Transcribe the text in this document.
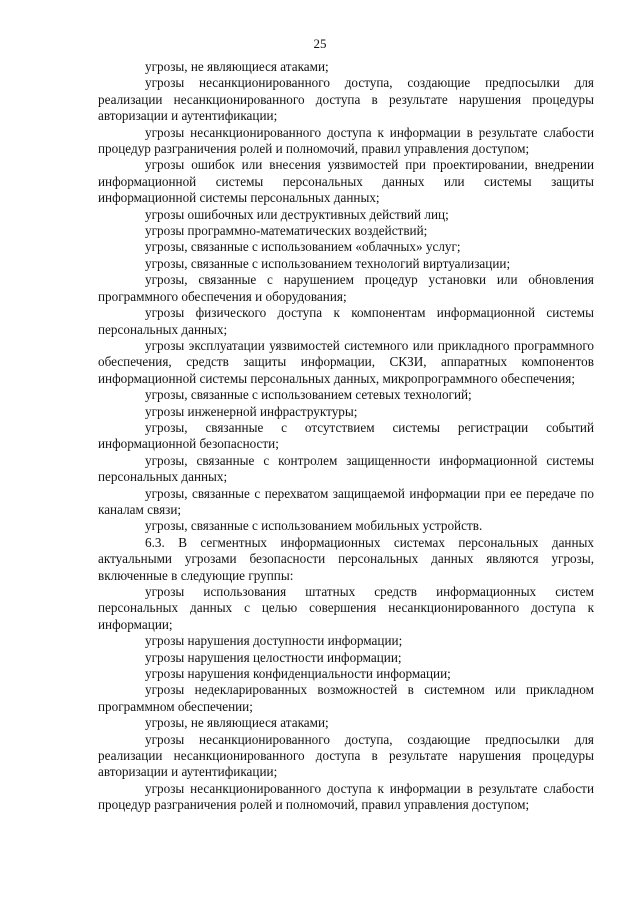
25

угрозы, не являющиеся атаками;

угрозы несанкционированного доступа, создающие предпосылки для реализации несанкционированного доступа в результате нарушения процедуры авторизации и аутентификации;

угрозы несанкционированного доступа к информации в результате слабости процедур разграничения ролей и полномочий, правил управления доступом;

угрозы ошибок или внесения уязвимостей при проектировании, внедрении информационной системы персональных данных или системы защиты информационной системы персональных данных;

угрозы ошибочных или деструктивных действий лиц;

угрозы программно-математических воздействий;

угрозы, связанные с использованием «облачных» услуг;

угрозы, связанные с использованием технологий виртуализации;

угрозы, связанные с нарушением процедур установки или обновления программного обеспечения и оборудования;

угрозы физического доступа к компонентам информационной системы персональных данных;

угрозы эксплуатации уязвимостей системного или прикладного программного обеспечения, средств защиты информации, СКЗИ, аппаратных компонентов информационной системы персональных данных, микропрограммного обеспечения;

угрозы, связанные с использованием сетевых технологий;

угрозы инженерной инфраструктуры;

угрозы, связанные с отсутствием системы регистрации событий информационной безопасности;

угрозы, связанные с контролем защищенности информационной системы персональных данных;

угрозы, связанные с перехватом защищаемой информации при ее передаче по каналам связи;

угрозы, связанные с использованием мобильных устройств.

6.3. В сегментных информационных системах персональных данных актуальными угрозами безопасности персональных данных являются угрозы, включенные в следующие группы:

угрозы использования штатных средств информационных систем персональных данных с целью совершения несанкционированного доступа к информации;

угрозы нарушения доступности информации;

угрозы нарушения целостности информации;

угрозы нарушения конфиденциальности информации;

угрозы недекларированных возможностей в системном или прикладном программном обеспечении;

угрозы, не являющиеся атаками;

угрозы несанкционированного доступа, создающие предпосылки для реализации несанкционированного доступа в результате нарушения процедуры авторизации и аутентификации;

угрозы несанкционированного доступа к информации в результате слабости процедур разграничения ролей и полномочий, правил управления доступом;
